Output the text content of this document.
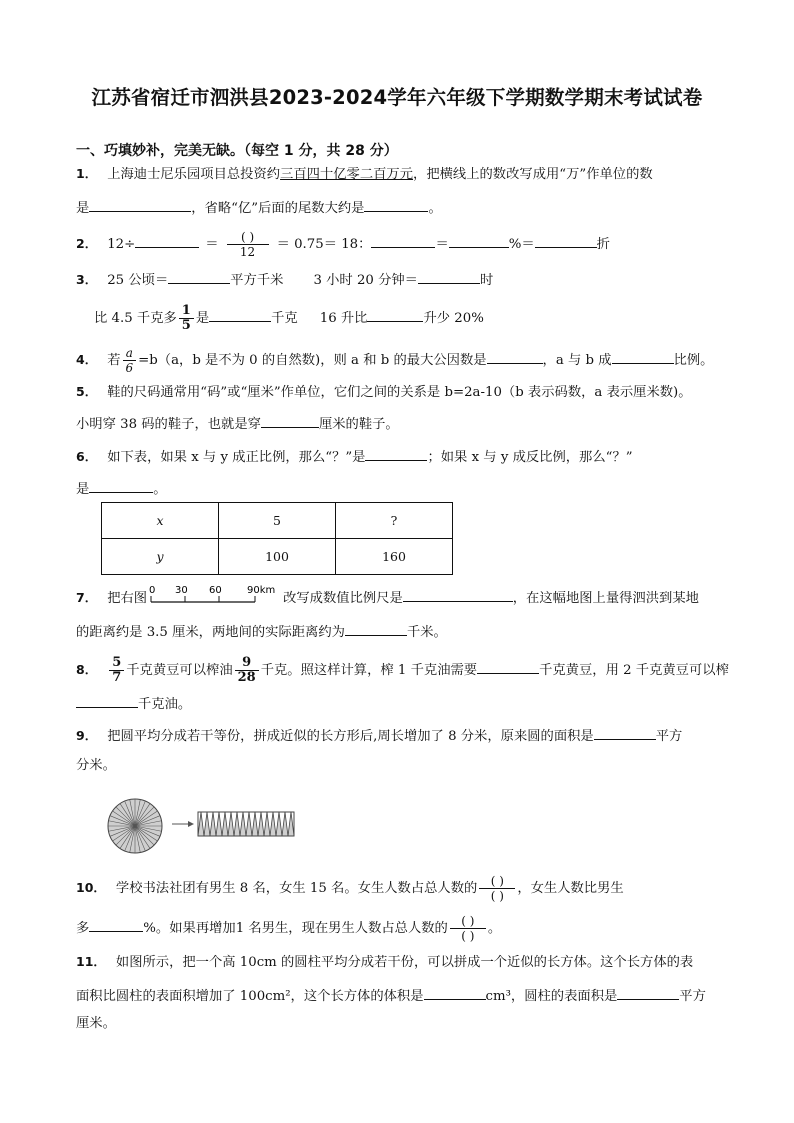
江苏省宿迁市泗洪县2023-2024学年六年级下学期数学期末考试试卷
一、巧填妙补，完美无缺。（每空 1 分，共 28 分）
1． 上海迪士尼乐园项目总投资约三百四十亿零二百万元，把横线上的数改写成用“万”作单位的数
是	，省略“亿”后面的尾数大约是	。
2． 12÷	＝ $\frac{( )}{12} = 0.75= 18$：	＝	%＝	折
3． 25 公顷＝	平方千米 3 小时 20 分钟＝	时
比 4.5 千克多 $\frac{1}{5}$ 是	千克 16 升比	升少 20%
4． 若 $\frac{a}{6} =b(a$，b 是不为 0 的自然数)，则 a 和 b 的最大公因数是	，a 与 b 成	比例。
5． 鞋的尺码通常用“码”或“厘米”作单位，它们之间的关系是 b=2a-10（b 表示码数，a 表示厘米数)。
小明穿 38 码的鞋子，也就是穿	厘米的鞋子。
6． 如下表，如果 x 与 y 成正比例，那么“？”是	；如果 x 与 y 成反比例，那么“？”
是	。
x	5	?
y	100	160
7． 把右图
0 30 60	90km
改写成数值比例尺是	，在这幅地图上量得泗洪到某地
的距离约是 3.5 厘米，两地间的实际距离约为	千米。
8． $\frac{5}{7}$ 千克黄豆可以榨油 $\frac{9}{28}$ 千克。照这样计算，榨 1 千克油需要	千克黄豆，用 2 千克黄豆可以榨
千克油。
9． 把圆平均分成若干等份，拼成近似的长方形后,周长增加了 8 分米，原来圆的面积是	平方
分米。
10． 学校书法社团有男生 8 名，女生 15 名。女生人数占总人数的 $\frac{( )}{( )}$ ，女生人数比男生
多	%。如果再增加1 名男生，现在男生人数占总人数的 $\frac{( )}{( )}$ 。
11． 如图所示，把一个高 10cm 的圆柱平均分成若干份，可以拼成一个近似的长方体。这个长方体的表
面积比圆柱的表面积增加了 100cm²，这个长方体的体积是	cm³，圆柱的表面积是	平方
厘米。
